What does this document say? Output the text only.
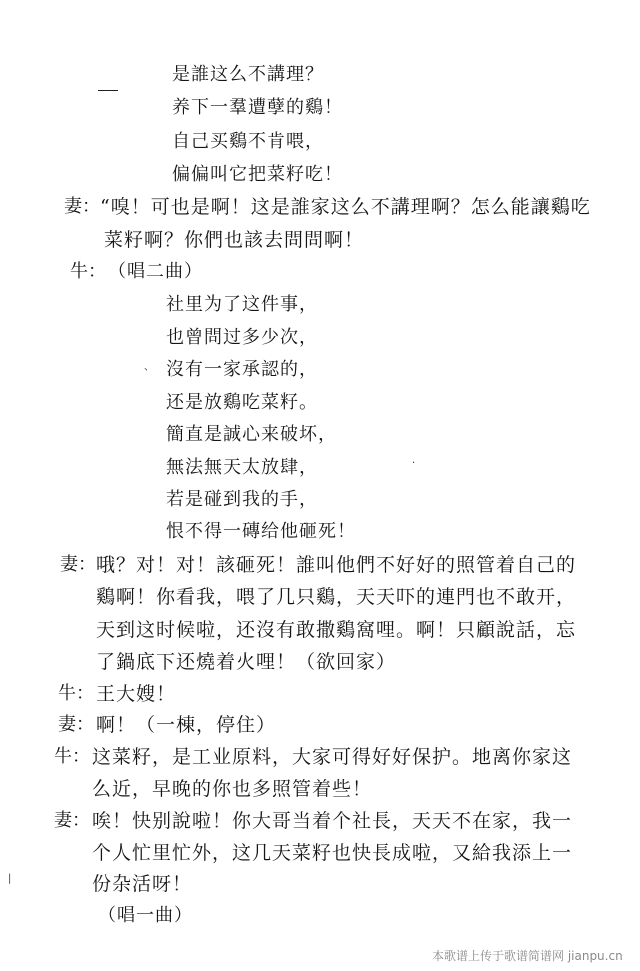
是誰这么不講理？
养下一羣遭孽的鷄！
自己买鷄不肯喂，
偏偏叫它把菜籽吃！
妻： “嗅！可也是啊！这是誰家这么不講理啊？怎么能讓鷄吃
菜籽啊？你們也該去問問啊！
牛： （唱二曲）
社里为了这件事，
也曾問过多少次，
、 沒有一家承認的，
还是放鷄吃菜籽。
簡直是誠心来破坏，
·
無法無天太放肆，
若是碰到我的手，
恨不得一磚给他砸死！
妻： 哦？对！对！該砸死！誰叫他們不好好的照管着自己的
鷄啊！你看我，喂了几只鷄，天天吓的連門也不敢开，
天到这时候啦，还沒有敢撒鷄窩哩。啊！只顧說話，忘
了鍋底下还燒着火哩！（欲回家）
牛： 王大嫂！
妻： 啊！（一棟，停住）
牛： 这菜籽，是工业原料，大家可得好好保护。地离你家这
么近，早晚的你也多照管着些！
妻： 唉！快别說啦！你大哥当着个社長，天天不在家，我一
个人忙里忙外，这几天菜籽也快長成啦，又給我添上一
份杂活呀！
|
（唱一曲）
本歌谱上传于歌谱简谱网 jianpu.cn
